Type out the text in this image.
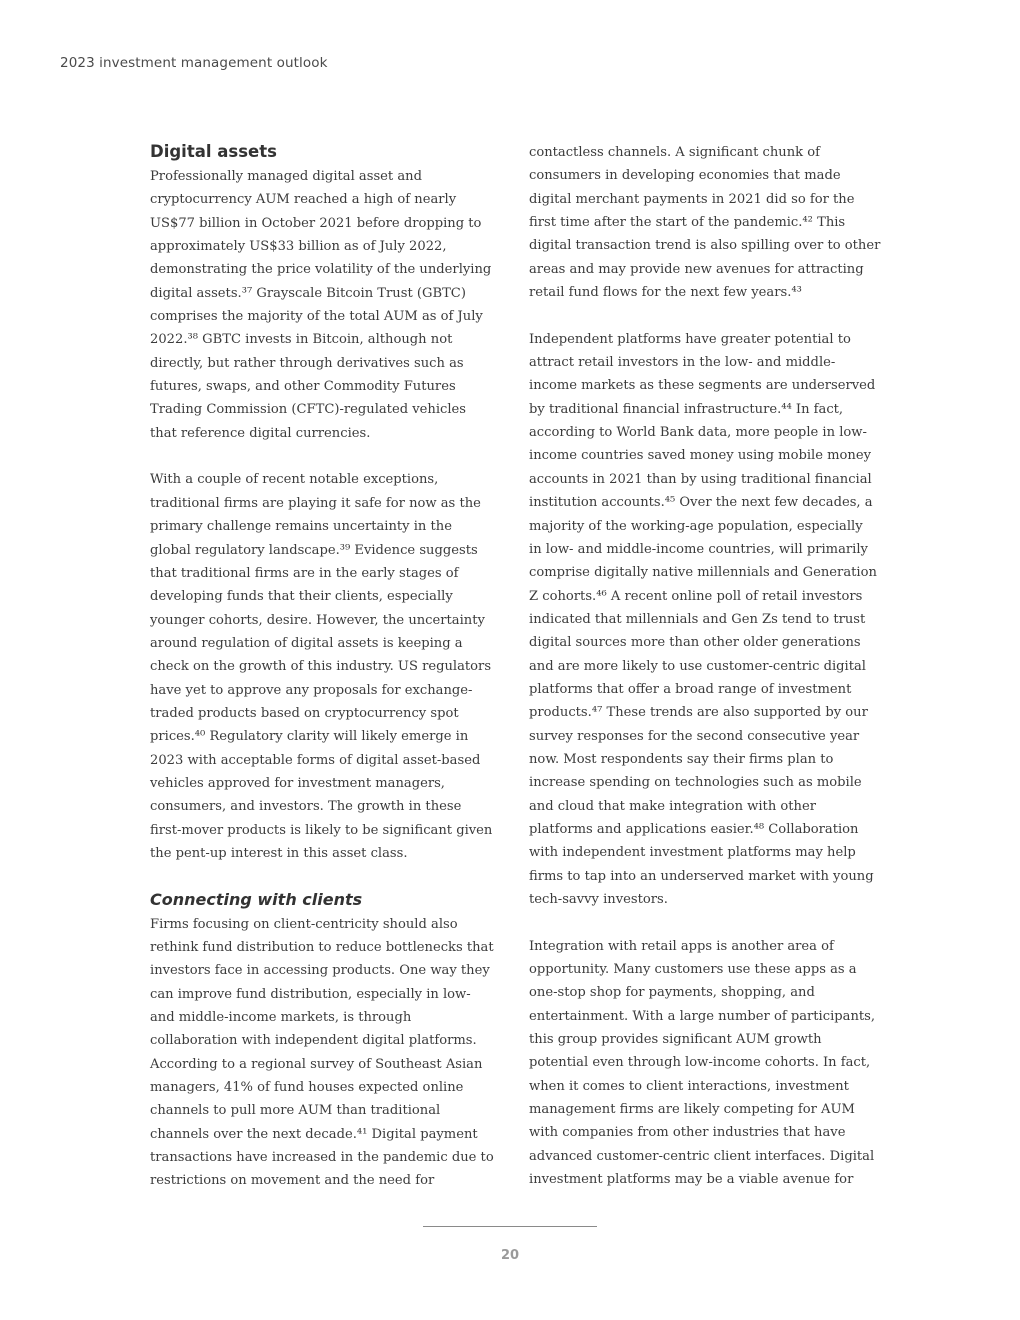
2023 investment management outlook
Digital assets

Professionally managed digital asset and
cryptocurrency AUM reached a high of nearly
US$77 billion in October 2021 before dropping to
approximately US$33 billion as of July 2022,
demonstrating the price volatility of the underlying
digital assets.³⁷ Grayscale Bitcoin Trust (GBTC)
comprises the majority of the total AUM as of July
2022.³⁸ GBTC invests in Bitcoin, although not
directly, but rather through derivatives such as
futures, swaps, and other Commodity Futures
Trading Commission (CFTC)-regulated vehicles
that reference digital currencies.

With a couple of recent notable exceptions,
traditional firms are playing it safe for now as the
primary challenge remains uncertainty in the
global regulatory landscape.³⁹ Evidence suggests
that traditional firms are in the early stages of
developing funds that their clients, especially
younger cohorts, desire. However, the uncertainty
around regulation of digital assets is keeping a
check on the growth of this industry. US regulators
have yet to approve any proposals for exchange-
traded products based on cryptocurrency spot
prices.⁴⁰ Regulatory clarity will likely emerge in
2023 with acceptable forms of digital asset-based
vehicles approved for investment managers,
consumers, and investors. The growth in these
first-mover products is likely to be significant given
the pent-up interest in this asset class.

Connecting with clients

Firms focusing on client-centricity should also
rethink fund distribution to reduce bottlenecks that
investors face in accessing products. One way they
can improve fund distribution, especially in low-
and middle-income markets, is through
collaboration with independent digital platforms.
According to a regional survey of Southeast Asian
managers, 41% of fund houses expected online
channels to pull more AUM than traditional
channels over the next decade.⁴¹ Digital payment
transactions have increased in the pandemic due to
restrictions on movement and the need for

contactless channels. A significant chunk of
consumers in developing economies that made
digital merchant payments in 2021 did so for the
first time after the start of the pandemic.⁴² This
digital transaction trend is also spilling over to other
areas and may provide new avenues for attracting
retail fund flows for the next few years.⁴³

Independent platforms have greater potential to
attract retail investors in the low- and middle-
income markets as these segments are underserved
by traditional financial infrastructure.⁴⁴ In fact,
according to World Bank data, more people in low-
income countries saved money using mobile money
accounts in 2021 than by using traditional financial
institution accounts.⁴⁵ Over the next few decades, a
majority of the working-age population, especially
in low- and middle-income countries, will primarily
comprise digitally native millennials and Generation
Z cohorts.⁴⁶ A recent online poll of retail investors
indicated that millennials and Gen Zs tend to trust
digital sources more than other older generations
and are more likely to use customer-centric digital
platforms that offer a broad range of investment
products.⁴⁷ These trends are also supported by our
survey responses for the second consecutive year
now. Most respondents say their firms plan to
increase spending on technologies such as mobile
and cloud that make integration with other
platforms and applications easier.⁴⁸ Collaboration
with independent investment platforms may help
firms to tap into an underserved market with young
tech-savvy investors.

Integration with retail apps is another area of
opportunity. Many customers use these apps as a
one-stop shop for payments, shopping, and
entertainment. With a large number of participants,
this group provides significant AUM growth
potential even through low-income cohorts. In fact,
when it comes to client interactions, investment
management firms are likely competing for AUM
with companies from other industries that have
advanced customer-centric client interfaces. Digital
investment platforms may be a viable avenue for

20
